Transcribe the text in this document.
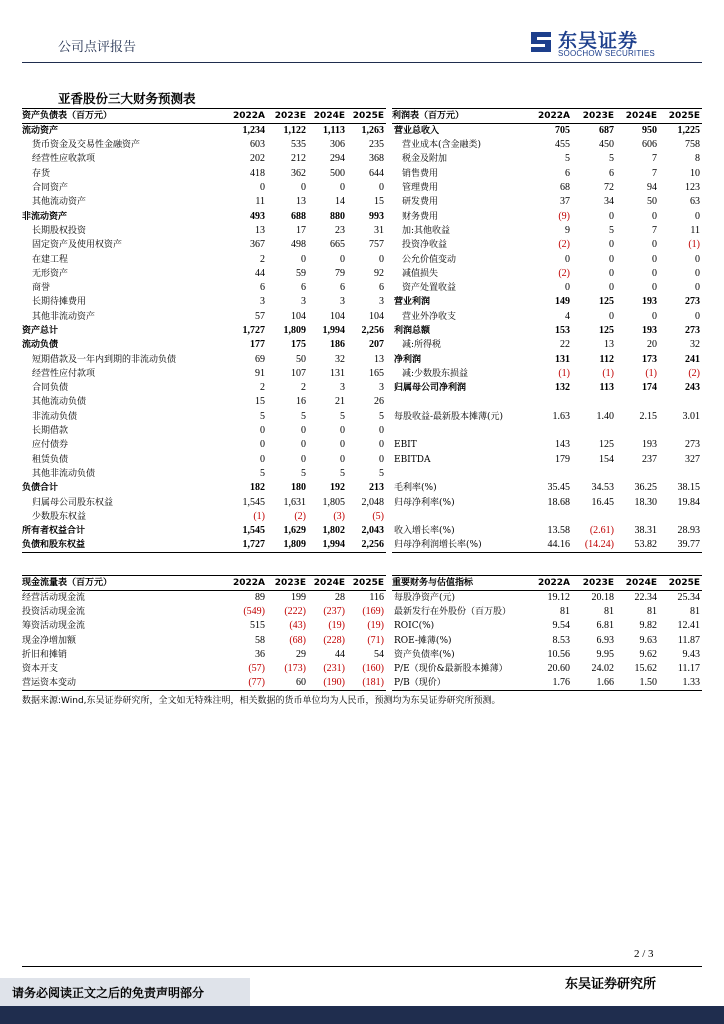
公司点评报告	东吴证券
SOOCHOW SECURITIES
亚香股份三大财务预测表
资产负债表（百万元）	2022A	2023E	2024E	2025E
流动资产	1,234	1,122	1,113	1,263
货币资金及交易性金融资产	603	535	306	235
经营性应收款项	202	212	294	368
存货	418	362	500	644
合同资产	0	0	0	0
其他流动资产	11	13	14	15
非流动资产	493	688	880	993
长期股权投资	13	17	23	31
固定资产及使用权资产	367	498	665	757
在建工程	2	0	0	0
无形资产	44	59	79	92
商誉	6	6	6	6
长期待摊费用	3	3	3	3
其他非流动资产	57	104	104	104
资产总计	1,727	1,809	1,994	2,256
流动负债	177	175	186	207
短期借款及一年内到期的非流动负债	69	50	32	13
经营性应付款项	91	107	131	165
合同负债	2	2	3	3
其他流动负债	15	16	21	26
非流动负债	5	5	5	5
长期借款	0	0	0	0
应付债券	0	0	0	0
租赁负债	0	0	0	0
其他非流动负债	5	5	5	5
负债合计	182	180	192	213
归属母公司股东权益	1,545	1,631	1,805	2,048
少数股东权益	(1)	(2)	(3)	(5)
所有者权益合计	1,545	1,629	1,802	2,043
负债和股东权益	1,727	1,809	1,994	2,256
利润表（百万元）	2022A	2023E	2024E	2025E
营业总收入	705	687	950	1,225
营业成本(含金融类)	455	450	606	758
税金及附加	5	5	7	8
销售费用	6	6	7	10
管理费用	68	72	94	123
研发费用	37	34	50	63
财务费用	(9)	0	0	0
加:其他收益	9	5	7	11
投资净收益	(2)	0	0	(1)
公允价值变动	0	0	0	0
减值损失	(2)	0	0	0
资产处置收益	0	0	0	0
营业利润	149	125	193	273
营业外净收支	4	0	0	0
利润总额	153	125	193	273
减:所得税	22	13	20	32
净利润	131	112	173	241
减:少数股东损益	(1)	(1)	(1)	(2)
归属母公司净利润	132	113	174	243

每股收益-最新股本摊薄(元)	1.63	1.40	2.15	3.01

EBIT	143	125	193	273
EBITDA	179	154	237	327

毛利率(%)	35.45	34.53	36.25	38.15
归母净利率(%)	18.68	16.45	18.30	19.84

收入增长率(%)	13.58	(2.61)	38.31	28.93
归母净利润增长率(%)	44.16	(14.24)	53.82	39.77
现金流量表（百万元）	2022A	2023E	2024E	2025E
经营活动现金流	89	199	28	116
投资活动现金流	(549)	(222)	(237)	(169)
筹资活动现金流	515	(43)	(19)	(19)
现金净增加额	58	(68)	(228)	(71)
折旧和摊销	36	29	44	54
资本开支	(57)	(173)	(231)	(160)
营运资本变动	(77)	60	(190)	(181)
重要财务与估值指标	2022A	2023E	2024E	2025E
每股净资产(元)	19.12	20.18	22.34	25.34
最新发行在外股份（百万股）	81	81	81	81
ROIC(%)	9.54	6.81	9.82	12.41
ROE-摊薄(%)	8.53	6.93	9.63	11.87
资产负债率(%)	10.56	9.95	9.62	9.43
P/E（现价&最新股本摊薄）	20.60	24.02	15.62	11.17
P/B（现价）	1.76	1.66	1.50	1.33
数据来源:Wind,东吴证券研究所，全文如无特殊注明，相关数据的货币单位均为人民币，预测均为东吴证券研究所预测。
2 / 3
东吴证券研究所
请务必阅读正文之后的免责声明部分
